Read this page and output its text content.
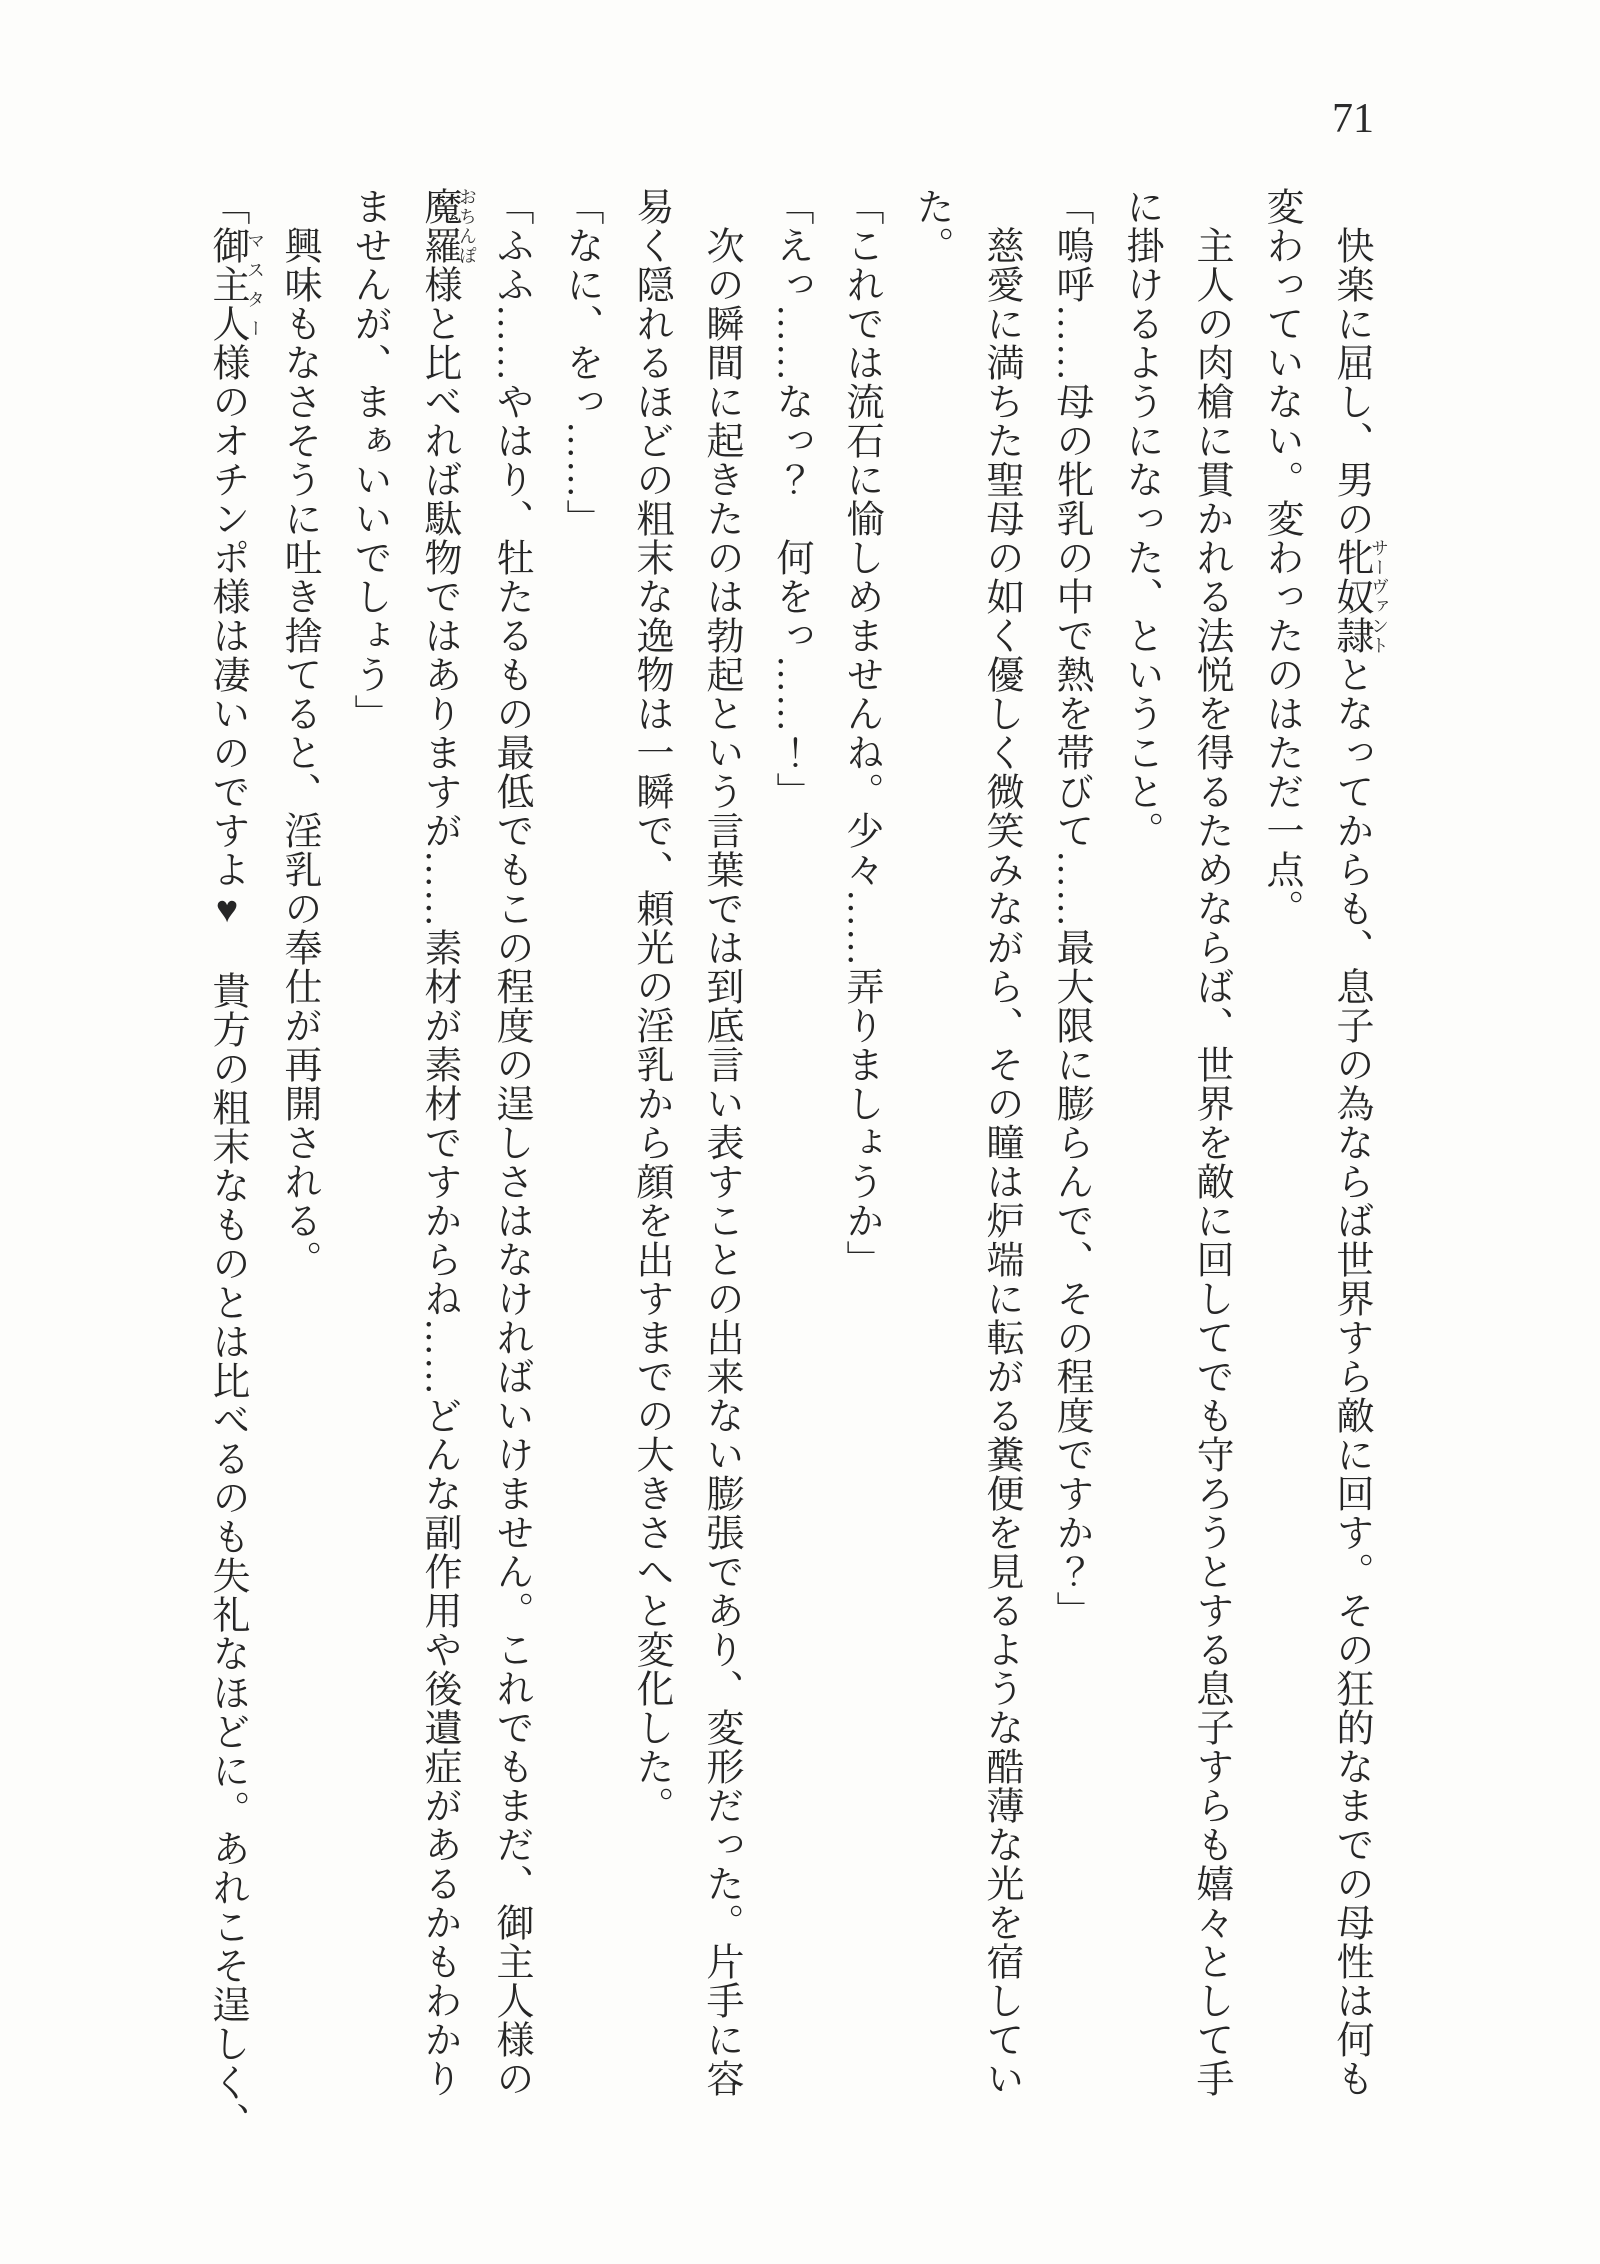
71

快楽に屈し、男の牝奴隷サーヴァントとなってからも、息子の為ならば世界すら敵に回す。その狂的なまでの母性は何も

変わっていない。変わったのはただ一点。

主人の肉槍に貫かれる法悦を得るためならば、世界を敵に回してでも守ろうとする息子すらも嬉々として手

に掛けるようになった、ということ。

「嗚呼……母の牝乳の中で熱を帯びて……最大限に膨らんで、その程度ですか？」

慈愛に満ちた聖母の如く優しく微笑みながら、その瞳は炉端に転がる糞便を見るような酷薄な光を宿してい

た。

「これでは流石に愉しめませんね。少々……弄りましょうか」

「えっ……なっ？　何をっ……！」

次の瞬間に起きたのは勃起という言葉では到底言い表すことの出来ない膨張であり、変形だった。片手に容

易く隠れるほどの粗末な逸物は一瞬で、頼光の淫乳から顔を出すまでの大きさへと変化した。

「なに、をっ……」

「ふふ……やはり、牡たるもの最低でもこの程度の逞しさはなければいけません。これでもまだ、御主人様の

魔羅おちんぽ様と比べれば駄物ではありますが……素材が素材ですからね……どんな副作用や後遺症があるかもわかり

ませんが、まぁいいでしょう」

興味もなさそうに吐き捨てると、淫乳の奉仕が再開される。

「御主人マスター様のオチンポ様は凄いのですよ♥　貴方の粗末なものとは比べるのも失礼なほどに。あれこそ逞しく、
